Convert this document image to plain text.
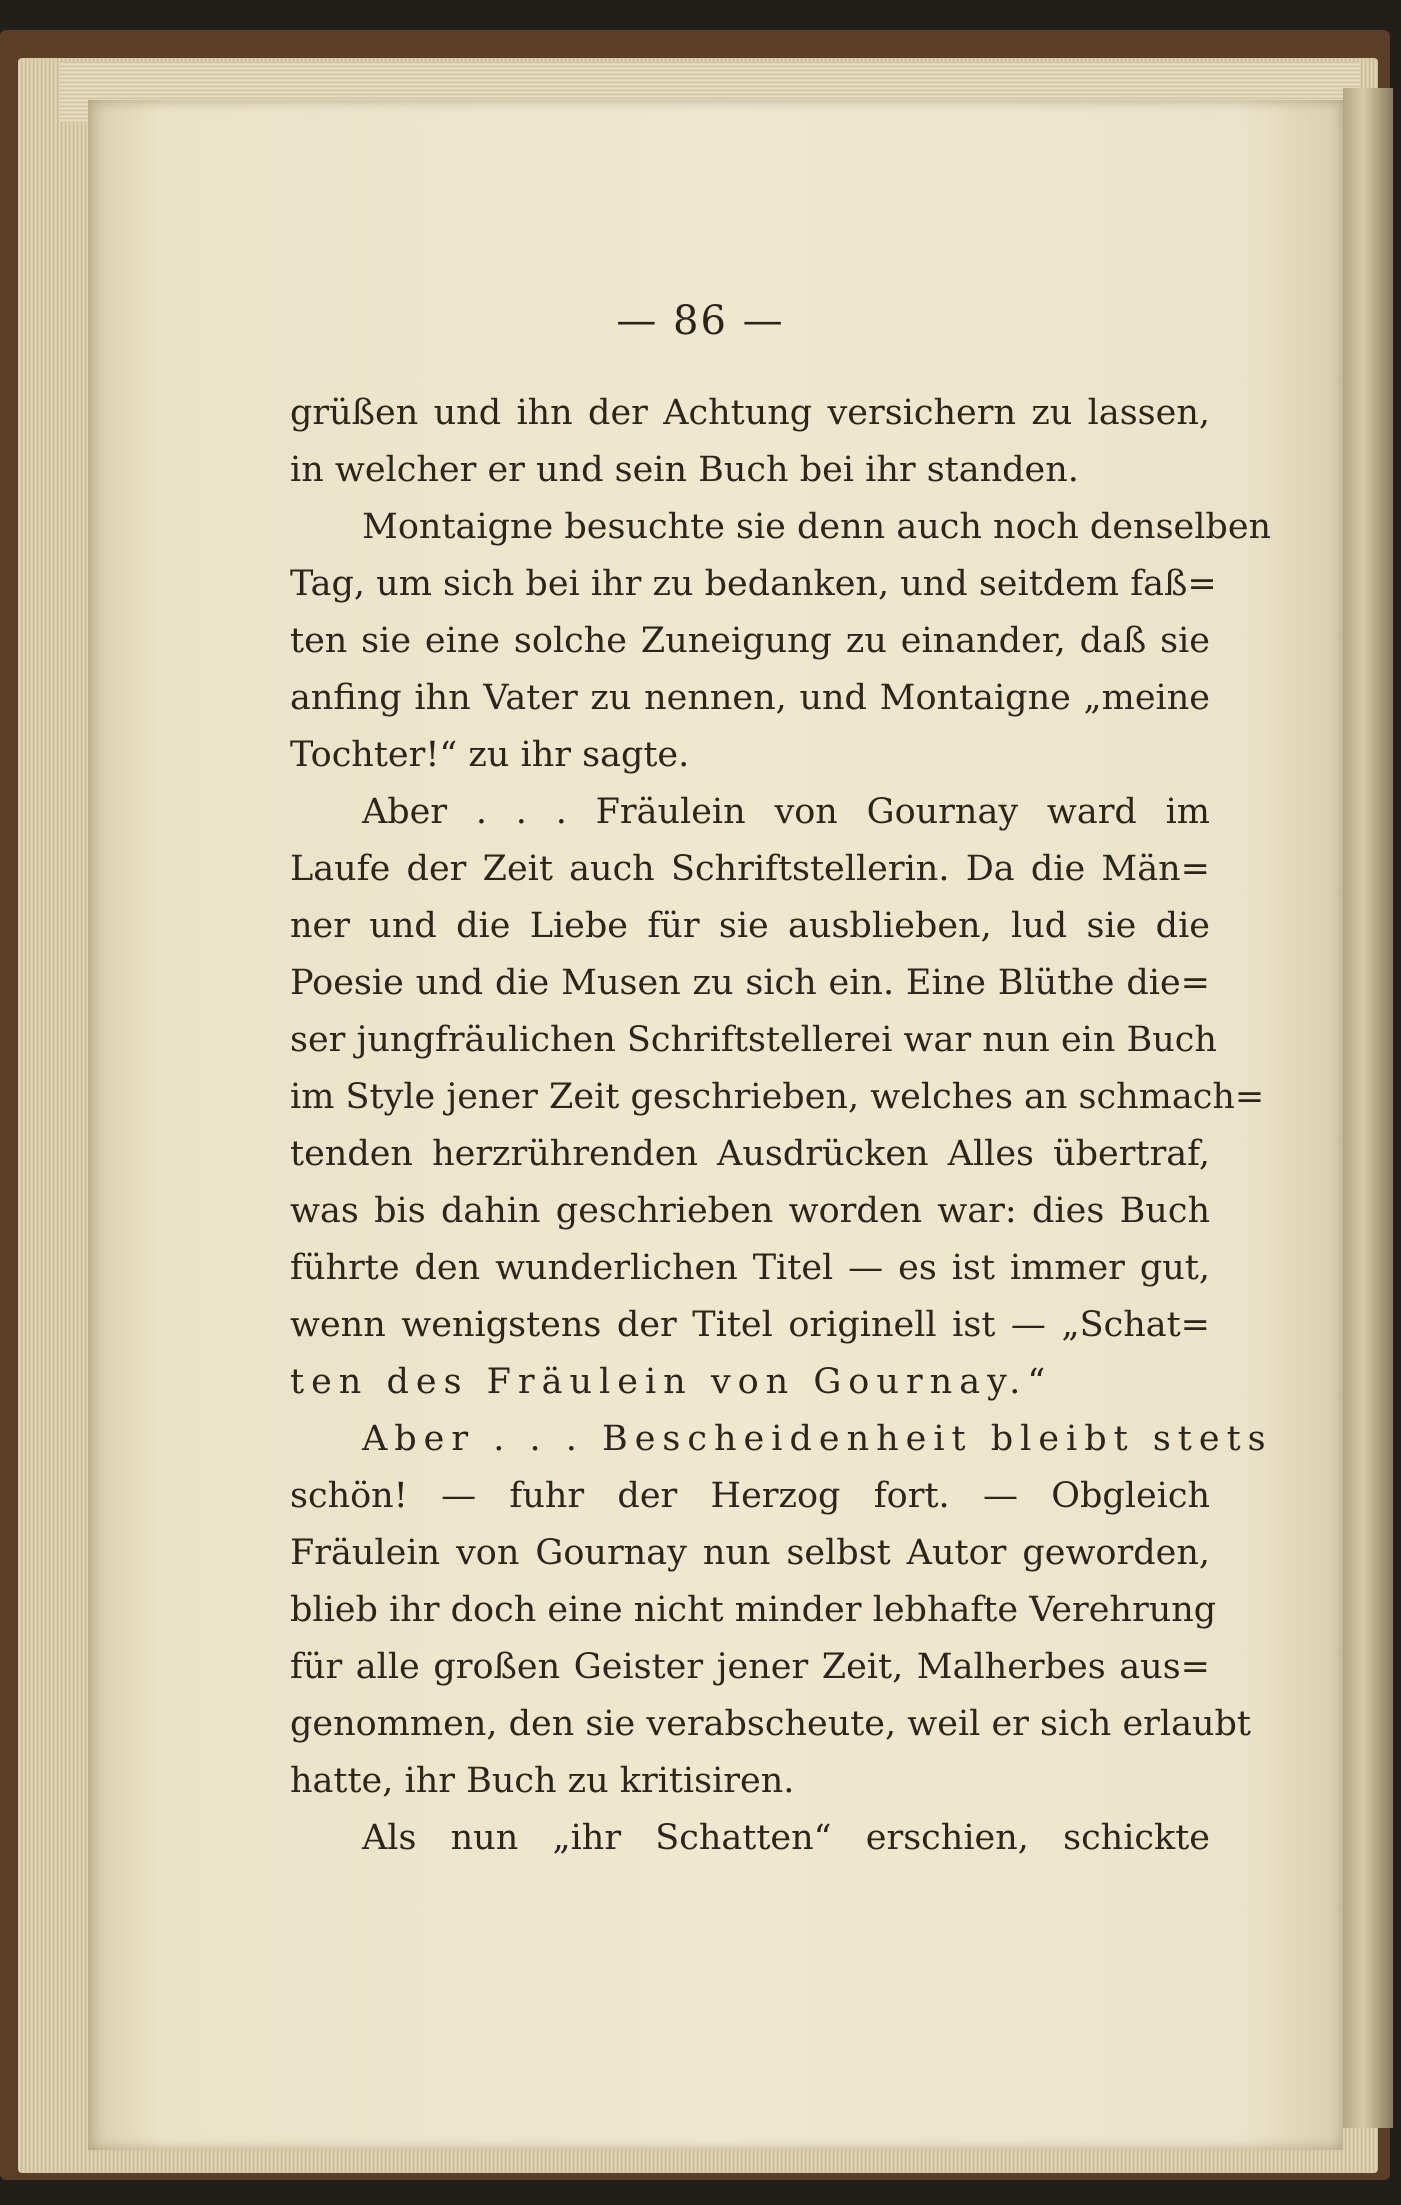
— 86 —
grüßen und ihn der Achtung versichern zu lassen,
in welcher er und sein Buch bei ihr standen.
Montaigne besuchte sie denn auch noch denselben
Tag, um sich bei ihr zu bedanken, und seitdem faß=
ten sie eine solche Zuneigung zu einander, daß sie
anfing ihn Vater zu nennen, und Montaigne „meine
Tochter!“ zu ihr sagte.
Aber . . . Fräulein von Gournay ward im
Laufe der Zeit auch Schriftstellerin. Da die Män=
ner und die Liebe für sie ausblieben, lud sie die
Poesie und die Musen zu sich ein. Eine Blüthe die=
ser jungfräulichen Schriftstellerei war nun ein Buch
im Style jener Zeit geschrieben, welches an schmach=
tenden herzrührenden Ausdrücken Alles übertraf,
was bis dahin geschrieben worden war: dies Buch
führte den wunderlichen Titel — es ist immer gut,
wenn wenigstens der Titel originell ist — „Schat=
ten des Fräulein von Gournay.“
Aber . . . Bescheidenheit bleibt stets
schön! — fuhr der Herzog fort. — Obgleich
Fräulein von Gournay nun selbst Autor geworden,
blieb ihr doch eine nicht minder lebhafte Verehrung
für alle großen Geister jener Zeit, Malherbes aus=
genommen, den sie verabscheute, weil er sich erlaubt
hatte, ihr Buch zu kritisiren.
Als nun „ihr Schatten“ erschien, schickte
